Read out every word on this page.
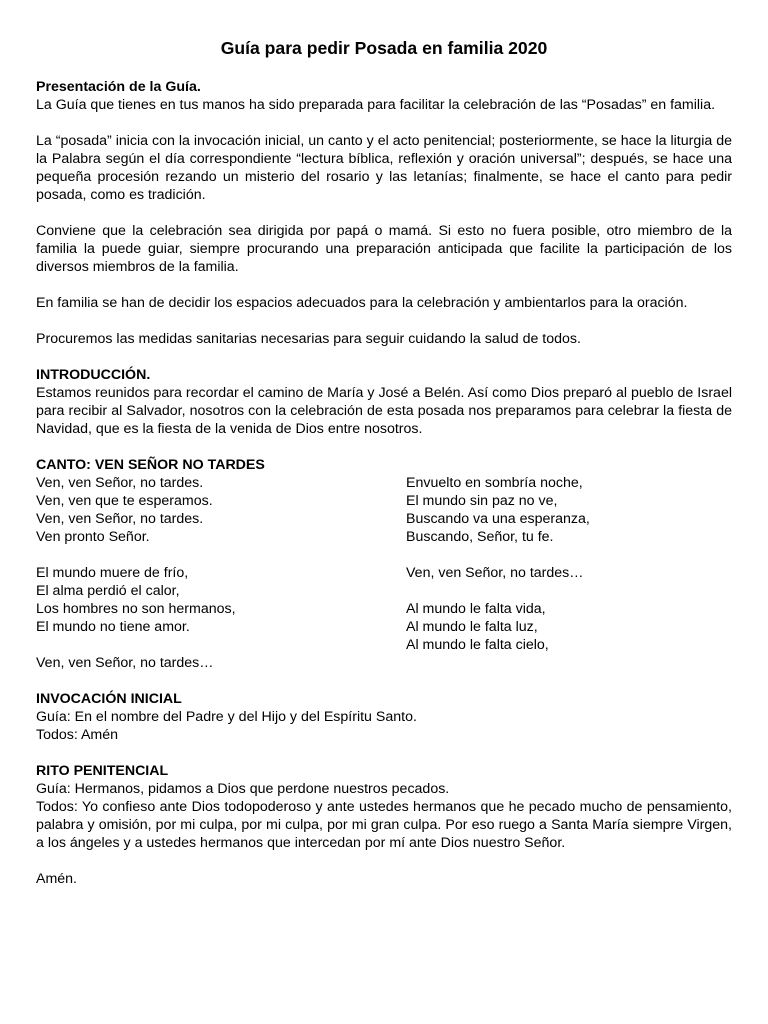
Guía para pedir Posada en familia 2020

Presentación de la Guía.

La Guía que tienes en tus manos ha sido preparada para facilitar la celebración de las “Posadas” en familia.

La “posada” inicia con la invocación inicial, un canto y el acto penitencial; posteriormente, se hace la liturgia de la Palabra según el día correspondiente “lectura bíblica, reflexión y oración universal”; después, se hace una pequeña procesión rezando un misterio del rosario y las letanías; finalmente, se hace el canto para pedir posada, como es tradición.

Conviene que la celebración sea dirigida por papá o mamá. Si esto no fuera posible, otro miembro de la familia la puede guiar, siempre procurando una preparación anticipada que facilite la participación de los diversos miembros de la familia.

En familia se han de decidir los espacios adecuados para la celebración y ambientarlos para la oración.

Procuremos las medidas sanitarias necesarias para seguir cuidando la salud de todos.

INTRODUCCIÓN.

Estamos reunidos para recordar el camino de María y José a Belén. Así como Dios preparó al pueblo de Israel para recibir al Salvador, nosotros con la celebración de esta posada nos preparamos para celebrar la fiesta de Navidad, que es la fiesta de la venida de Dios entre nosotros.

CANTO: VEN SEÑOR NO TARDES

Ven, ven Señor, no tardes.
Ven, ven que te esperamos.
Ven, ven Señor, no tardes.
Ven pronto Señor.

El mundo muere de frío,
El alma perdió el calor,
Los hombres no son hermanos,
El mundo no tiene amor.

Ven, ven Señor, no tardes…
Envuelto en sombría noche,
El mundo sin paz no ve,
Buscando va una esperanza,
Buscando, Señor, tu fe.

Ven, ven Señor, no tardes…

Al mundo le falta vida,
Al mundo le falta luz,
Al mundo le falta cielo,

INVOCACIÓN INICIAL

Guía: En el nombre del Padre y del Hijo y del Espíritu Santo.

Todos: Amén

RITO PENITENCIAL

Guía: Hermanos, pidamos a Dios que perdone nuestros pecados.

Todos: Yo confieso ante Dios todopoderoso y ante ustedes hermanos que he pecado mucho de pensamiento, palabra y omisión, por mi culpa, por mi culpa, por mi gran culpa. Por eso ruego a Santa María siempre Virgen, a los ángeles y a ustedes hermanos que intercedan por mí ante Dios nuestro Señor.

Amén.
